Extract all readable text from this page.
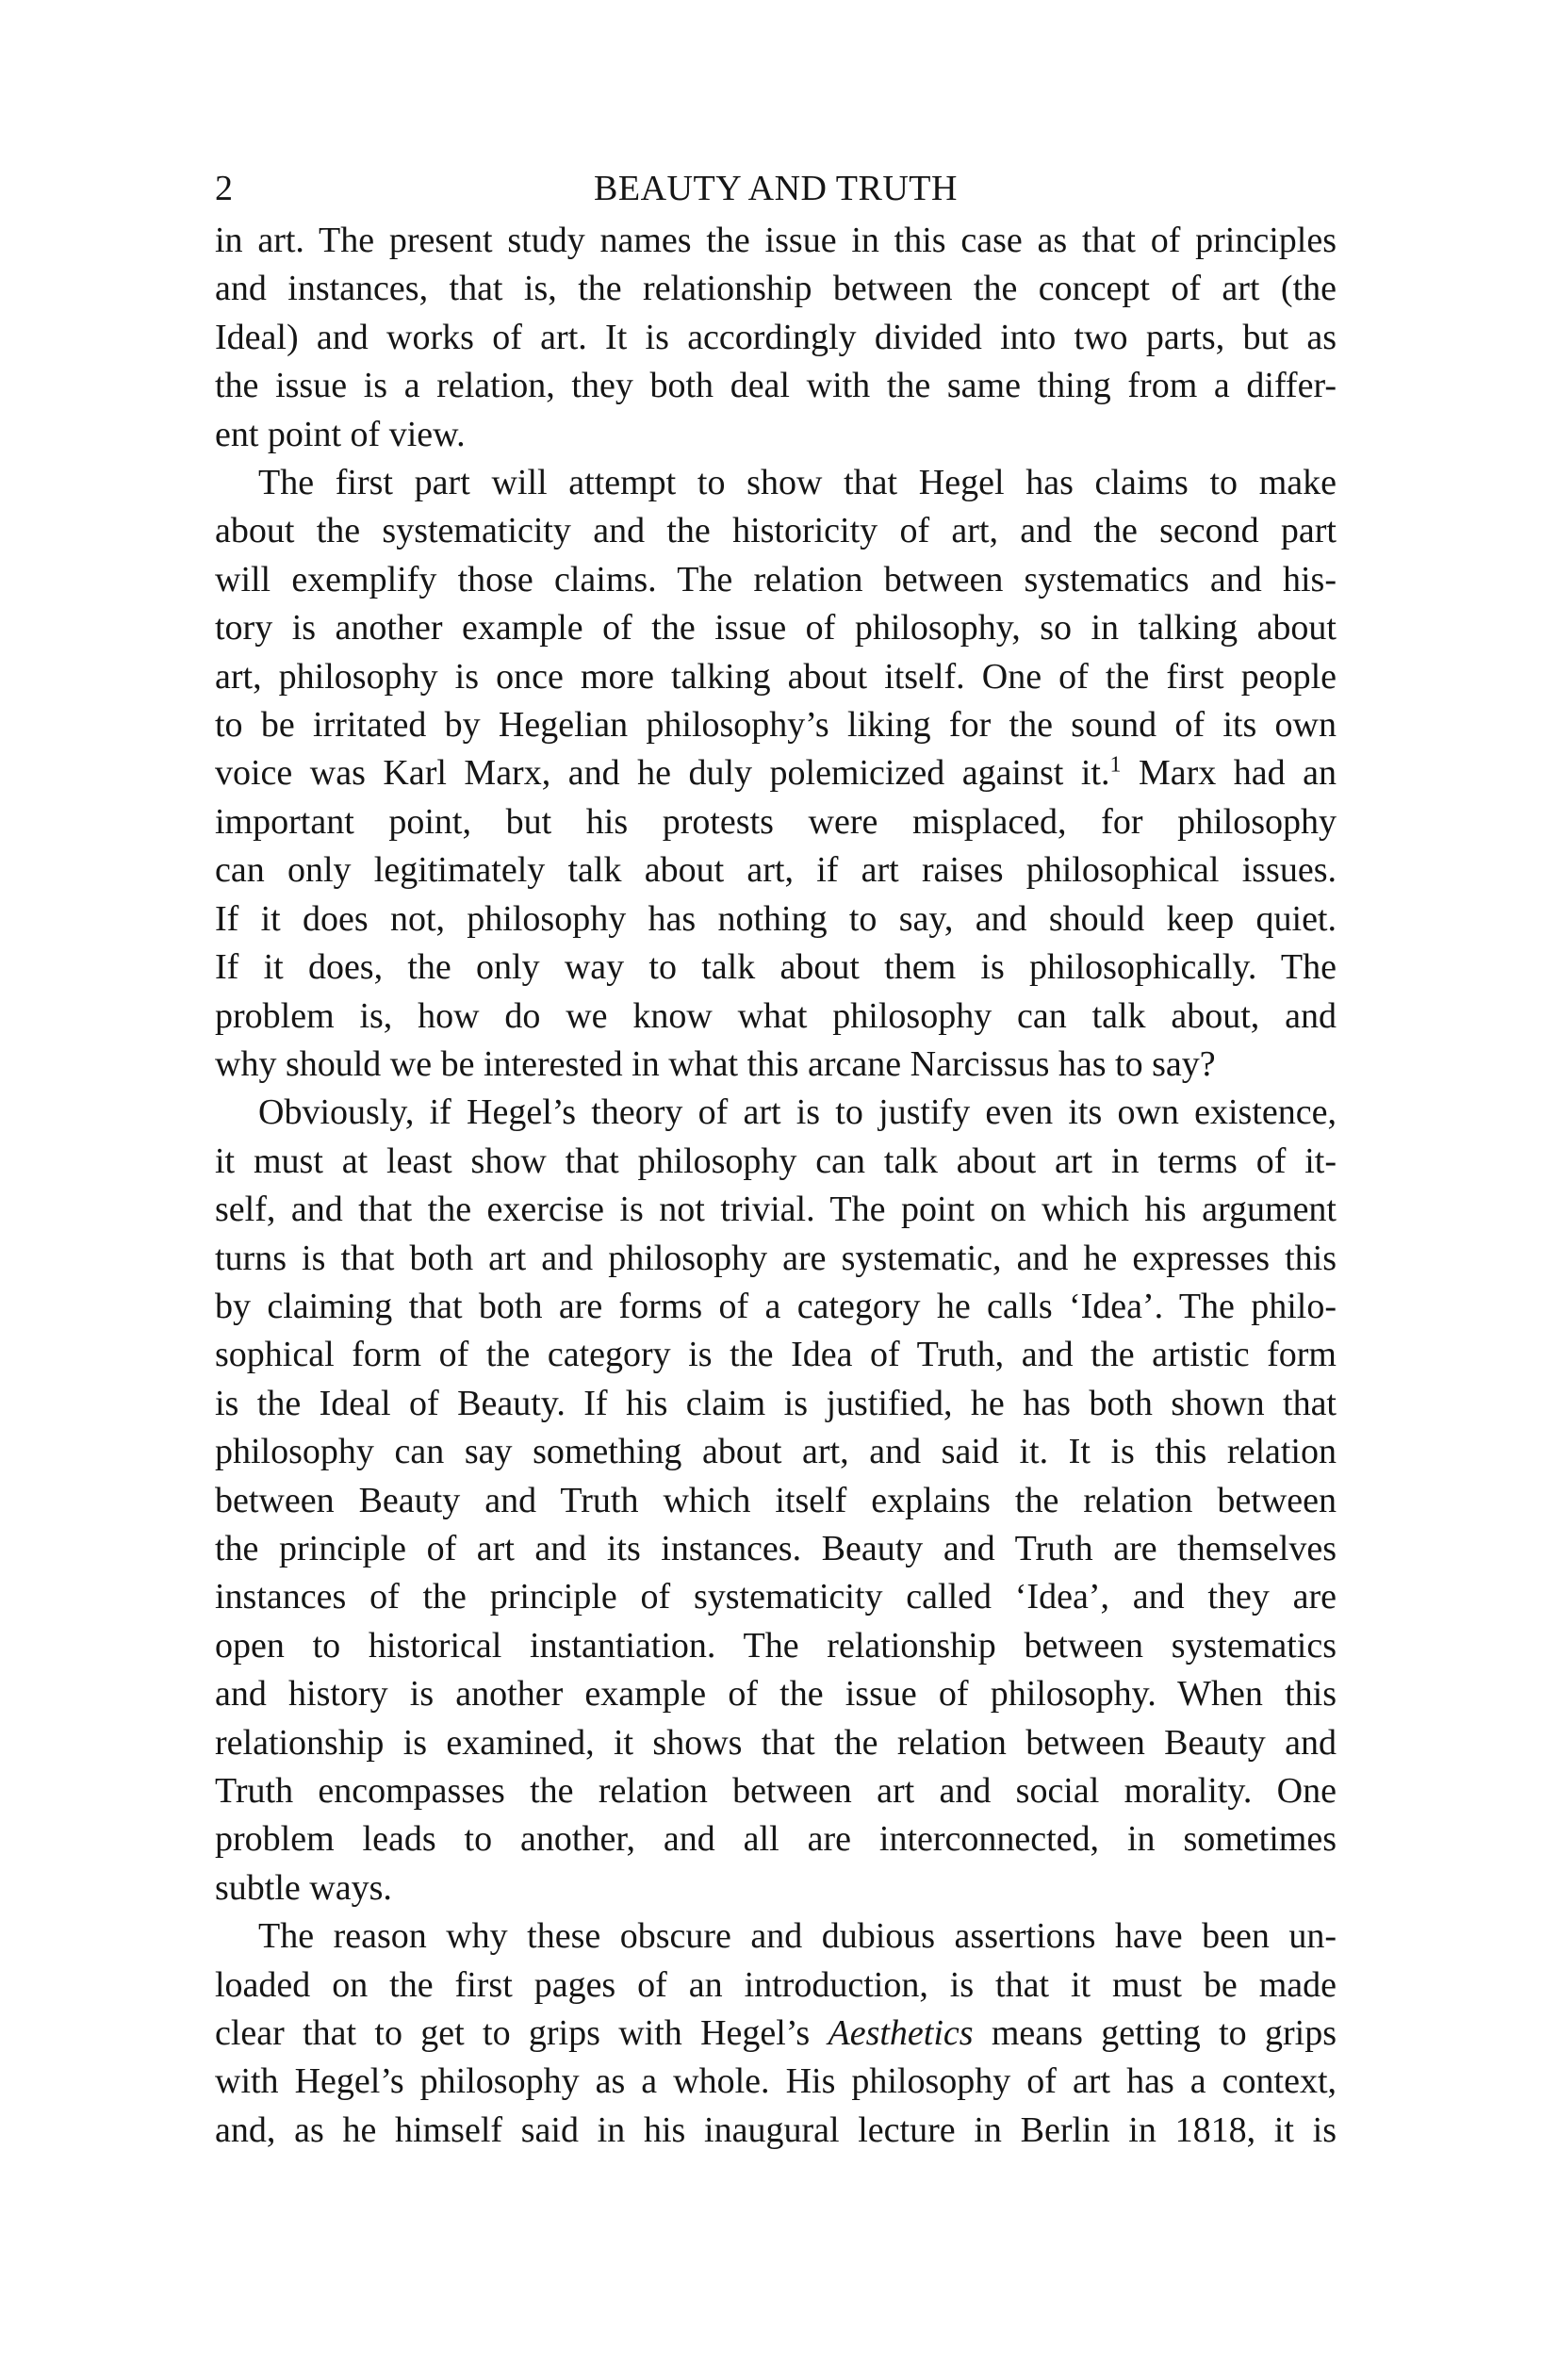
2	BEAUTY AND TRUTH
in art. The present study names the issue in this case as that of principles
and instances, that is, the relationship between the concept of art (the
Ideal) and works of art. It is accordingly divided into two parts, but as
the issue is a relation, they both deal with the same thing from a differ-
ent point of view.
The first part will attempt to show that Hegel has claims to make
about the systematicity and the historicity of art, and the second part
will exemplify those claims. The relation between systematics and his-
tory is another example of the issue of philosophy, so in talking about
art, philosophy is once more talking about itself. One of the first people
to be irritated by Hegelian philosophy’s liking for the sound of its own
voice was Karl Marx, and he duly polemicized against it.$^1$ Marx had an
important point, but his protests were misplaced, for philosophy
can only legitimately talk about art, if art raises philosophical issues.
If it does not, philosophy has nothing to say, and should keep quiet.
If it does, the only way to talk about them is philosophically. The
problem is, how do we know what philosophy can talk about, and
why should we be interested in what this arcane Narcissus has to say?
Obviously, if Hegel’s theory of art is to justify even its own existence,
it must at least show that philosophy can talk about art in terms of it-
self, and that the exercise is not trivial. The point on which his argument
turns is that both art and philosophy are systematic, and he expresses this
by claiming that both are forms of a category he calls ‘Idea’. The philo-
sophical form of the category is the Idea of Truth, and the artistic form
is the Ideal of Beauty. If his claim is justified, he has both shown that
philosophy can say something about art, and said it. It is this relation
between Beauty and Truth which itself explains the relation between
the principle of art and its instances. Beauty and Truth are themselves
instances of the principle of systematicity called ‘Idea’, and they are
open to historical instantiation. The relationship between systematics
and history is another example of the issue of philosophy. When this
relationship is examined, it shows that the relation between Beauty and
Truth encompasses the relation between art and social morality. One
problem leads to another, and all are interconnected, in sometimes
subtle ways.
The reason why these obscure and dubious assertions have been un-
loaded on the first pages of an introduction, is that it must be made
clear that to get to grips with Hegel’s Aesthetics means getting to grips
with Hegel’s philosophy as a whole. His philosophy of art has a context,
and, as he himself said in his inaugural lecture in Berlin in 1818, it is
